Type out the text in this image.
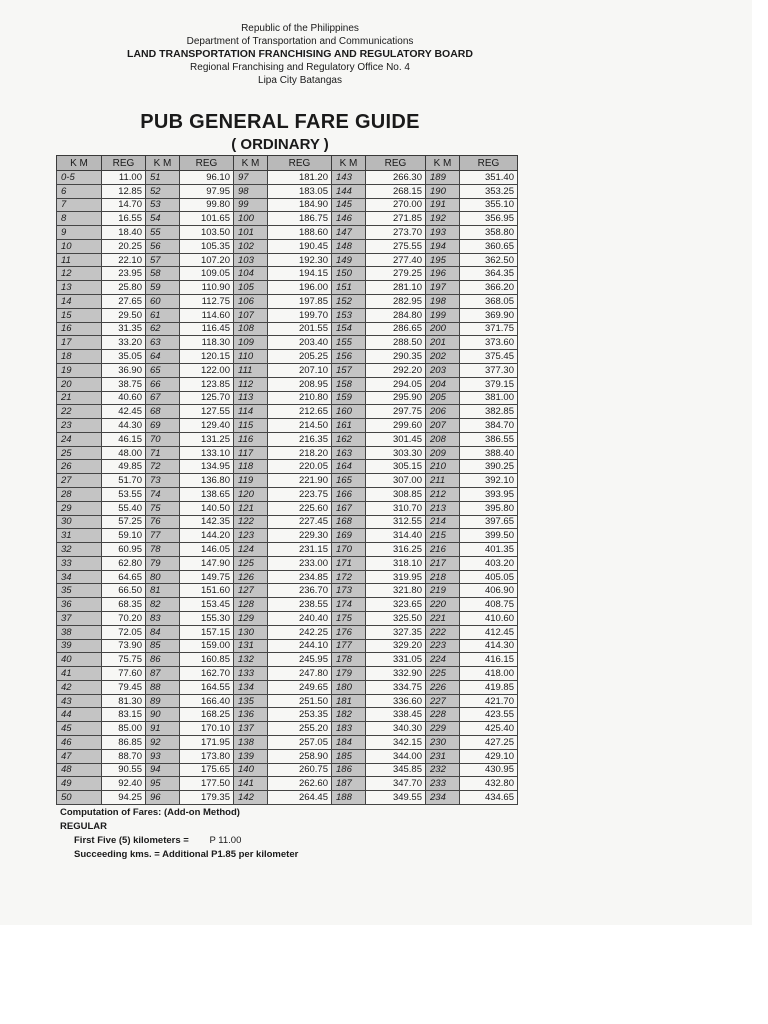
Republic of the Philippines
Department of Transportation and Communications
LAND TRANSPORTATION FRANCHISING AND REGULATORY BOARD
Regional Franchising and Regulatory Office No. 4
Lipa City Batangas
PUB GENERAL FARE GUIDE
( ORDINARY )
K M	REG	K M	REG	K M	REG	K M	REG	K M	REG
0-5	11.00	51	96.10	97	181.20	143	266.30	189	351.40
6	12.85	52	97.95	98	183.05	144	268.15	190	353.25
7	14.70	53	99.80	99	184.90	145	270.00	191	355.10
8	16.55	54	101.65	100	186.75	146	271.85	192	356.95
9	18.40	55	103.50	101	188.60	147	273.70	193	358.80
10	20.25	56	105.35	102	190.45	148	275.55	194	360.65
11	22.10	57	107.20	103	192.30	149	277.40	195	362.50
12	23.95	58	109.05	104	194.15	150	279.25	196	364.35
13	25.80	59	110.90	105	196.00	151	281.10	197	366.20
14	27.65	60	112.75	106	197.85	152	282.95	198	368.05
15	29.50	61	114.60	107	199.70	153	284.80	199	369.90
16	31.35	62	116.45	108	201.55	154	286.65	200	371.75
17	33.20	63	118.30	109	203.40	155	288.50	201	373.60
18	35.05	64	120.15	110	205.25	156	290.35	202	375.45
19	36.90	65	122.00	111	207.10	157	292.20	203	377.30
20	38.75	66	123.85	112	208.95	158	294.05	204	379.15
21	40.60	67	125.70	113	210.80	159	295.90	205	381.00
22	42.45	68	127.55	114	212.65	160	297.75	206	382.85
23	44.30	69	129.40	115	214.50	161	299.60	207	384.70
24	46.15	70	131.25	116	216.35	162	301.45	208	386.55
25	48.00	71	133.10	117	218.20	163	303.30	209	388.40
26	49.85	72	134.95	118	220.05	164	305.15	210	390.25
27	51.70	73	136.80	119	221.90	165	307.00	211	392.10
28	53.55	74	138.65	120	223.75	166	308.85	212	393.95
29	55.40	75	140.50	121	225.60	167	310.70	213	395.80
30	57.25	76	142.35	122	227.45	168	312.55	214	397.65
31	59.10	77	144.20	123	229.30	169	314.40	215	399.50
32	60.95	78	146.05	124	231.15	170	316.25	216	401.35
33	62.80	79	147.90	125	233.00	171	318.10	217	403.20
34	64.65	80	149.75	126	234.85	172	319.95	218	405.05
35	66.50	81	151.60	127	236.70	173	321.80	219	406.90
36	68.35	82	153.45	128	238.55	174	323.65	220	408.75
37	70.20	83	155.30	129	240.40	175	325.50	221	410.60
38	72.05	84	157.15	130	242.25	176	327.35	222	412.45
39	73.90	85	159.00	131	244.10	177	329.20	223	414.30
40	75.75	86	160.85	132	245.95	178	331.05	224	416.15
41	77.60	87	162.70	133	247.80	179	332.90	225	418.00
42	79.45	88	164.55	134	249.65	180	334.75	226	419.85
43	81.30	89	166.40	135	251.50	181	336.60	227	421.70
44	83.15	90	168.25	136	253.35	182	338.45	228	423.55
45	85.00	91	170.10	137	255.20	183	340.30	229	425.40
46	86.85	92	171.95	138	257.05	184	342.15	230	427.25
47	88.70	93	173.80	139	258.90	185	344.00	231	429.10
48	90.55	94	175.65	140	260.75	186	345.85	232	430.95
49	92.40	95	177.50	141	262.60	187	347.70	233	432.80
50	94.25	96	179.35	142	264.45	188	349.55	234	434.65
Computation of Fares: (Add-on Method)
REGULAR
First Five (5) kilometers = P 11.00
Succeeding kms. = Additional P1.85 per kilometer
